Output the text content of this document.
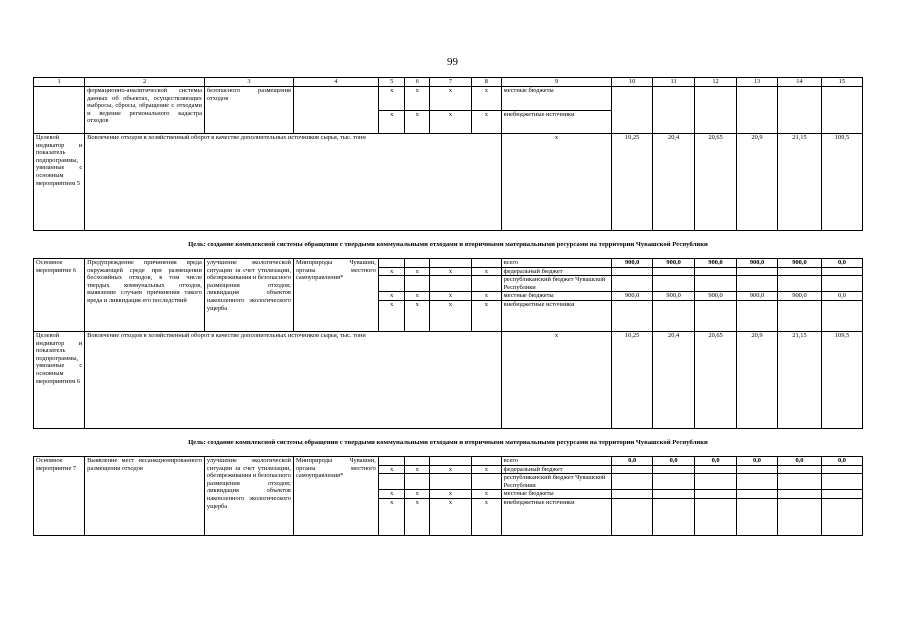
99
1	2	3	4	5	6	7	8	9	10	11	12	13	14	15
	формационно-аналитической системы данных об объектах, осуществляющих выбросы, сбросы, обращение с отходами и ведение регионального кадастра отходов	безопасного размещения отходов		х	х	х	х	местные бюджеты						
				х	х	х	х	внебюджетные источники						
Целевой индикатор и показатель подпрограммы, увязанные с основным мероприятием 5	Вовлечение отходов в хозяйственный оборот в качестве дополнительных источников сырья, тыс. тонн							х	10,25	20,4	20,65	20,9	21,15	109,5
Цель: создание комплексной системы обращения с твердыми коммунальными отходами и вторичными материальными ресурсами на территории Чувашской Республики														
Основное мероприятие 6	Предупреждение причинения вреда окружающей среде при размещении бесхозяйных отходов, в том числе твердых коммунальных отходов, выявление случаев причинения такого вреда и ликвидация его последствий	улучшение экологической ситуации за счет утилизации, обезвреживания и безопасного размещения отходов; ликвидация объектов накопленного экологического ущерба	Минприроды Чувашии, органы местного самоуправления*					всего	900,0	900,0	900,0	900,0	900,0	0,0
				х	х	х	х	федеральный бюджет						
								республиканский бюджет Чувашской Республики						
				х	х	х	х	местные бюджеты	900,0	900,0	900,0	900,0	900,0	0,0
				х	х	х	х	внебюджетные источники						
Целевой индикатор и показатель подпрограммы, увязанные с основным мероприятием 6	Вовлечение отходов в хозяйственный оборот в качестве дополнительных источников сырья, тыс. тонн							х	10,25	20,4	20,65	20,9	21,15	109,5
Цель: создание комплексной системы обращения с твердыми коммунальными отходами и вторичными материальными ресурсами на территории Чувашской Республики														
Основное мероприятие 7	Выявление мест несанкционированного размещения отходов	улучшение экологической ситуации за счет утилизации, обезвреживания и безопасного размещения отходов; ликвидация объектов накопленного экологического ущерба	Минприроды Чувашии, органы местного самоуправления*					всего	0,0	0,0	0,0	0,0	0,0	0,0
				х	х	х	х	федеральный бюджет						
								республиканский бюджет Чувашской Республики						
				х	х	х	х	местные бюджеты						
				х	х	х	х	внебюджетные источники						
